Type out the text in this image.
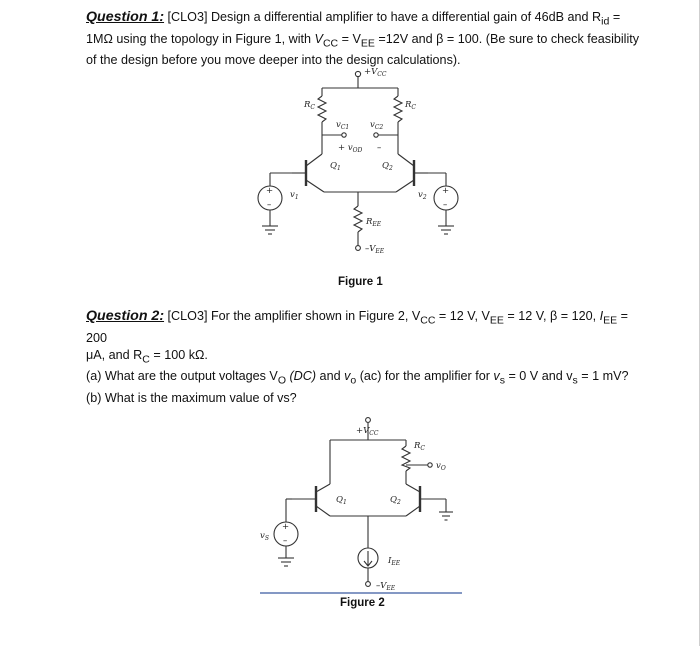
Question 1: [CLO3] Design a differential amplifier to have a differential gain of 46dB and $R_{id}$ =
1MΩ using the topology in Figure 1, with $V_{CC} = V_{EE} =12V$ and β = 100. (Be sure to check feasibility
of the design before you move deeper into the design calculations).
$+V_{CC}$
$R_C$	$R_C$
$v_{C1}$ $v_{C2}$
+ $v_{OD}$ –
$Q_1$	$Q_2$
$R_{EE}$
$-V_{EE}$
+
–
$v_1$
+
–
$v_2$
Figure 1
Question 2: [CLO3] For the amplifier shown in Figure 2, $V_{CC} = 12$ V, $V_{EE} = 12$ V, β = 120, $I_{EE} = 200$
μA, and $R_C = 100$ kΩ.
(a) What are the output voltages $V_O$ (DC) and $v_o$ (ac) for the amplifier for $v_s = 0$ V and $v_s = 1$ mV?
(b) What is the maximum value of vs?
$+V_{CC}$
$R_C$
$v_O$
$Q_1$	$Q_2$
$I_{EE}$
$-V_{EE}$
+
–
$v_S$
Figure 2
